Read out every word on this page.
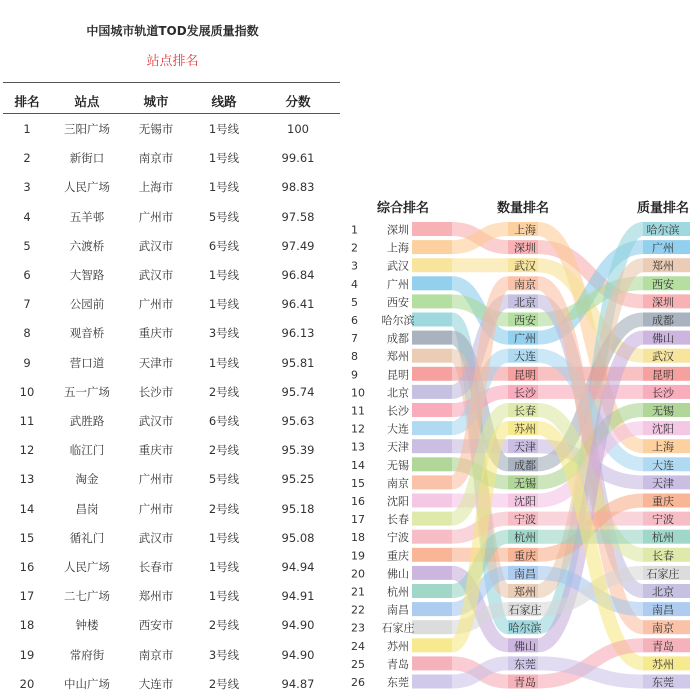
中国城市轨道TOD发展质量指数
站点排名
排名	站点	城市	线路	分数
1	三阳广场	无锡市	1号线	100
2	新街口	南京市	1号线	99.61
3	人民广场	上海市	1号线	98.83
4	五羊邨	广州市	5号线	97.58
5	六渡桥	武汉市	6号线	97.49
6	大智路	武汉市	1号线	96.84
7	公园前	广州市	1号线	96.41
8	观音桥	重庆市	3号线	96.13
9	营口道	天津市	1号线	95.81
10	五一广场	长沙市	2号线	95.74
11	武胜路	武汉市	6号线	95.63
12	临江门	重庆市	2号线	95.39
13	淘金	广州市	5号线	95.25
14	昌岗	广州市	2号线	95.18
15	循礼门	武汉市	1号线	95.08
16	人民广场	长春市	1号线	94.94
17	二七广场	郑州市	1号线	94.91
18	钟楼	西安市	2号线	94.90
19	常府街	南京市	3号线	94.90
20	中山广场	大连市	2号线	94.87
综合排名	数量排名	质量排名
深圳
上海
武汉
广州
西安
哈尔滨
成都
郑州
昆明
北京
长沙
大连
天津
无锡
南京
沈阳
长春
宁波
重庆
佛山
杭州
南昌
石家庄
苏州
青岛
东莞
上海
深圳
武汉
南京
北京
西安
广州
大连
昆明
长沙
长春
苏州
天津
成都
无锡
沈阳
宁波
杭州
重庆
南昌
郑州
石家庄
哈尔滨
佛山
东莞
青岛
哈尔滨
广州
郑州
西安
深圳
成都
佛山
武汉
昆明
长沙
无锡
沈阳
上海
大连
天津
重庆
宁波
杭州
长春
石家庄
北京
南昌
南京
青岛
苏州
东莞
1
2
3
4
5
6
7
8
9
10
11
12
13
14
15
16
17
18
19
20
21
22
23
24
25
26
